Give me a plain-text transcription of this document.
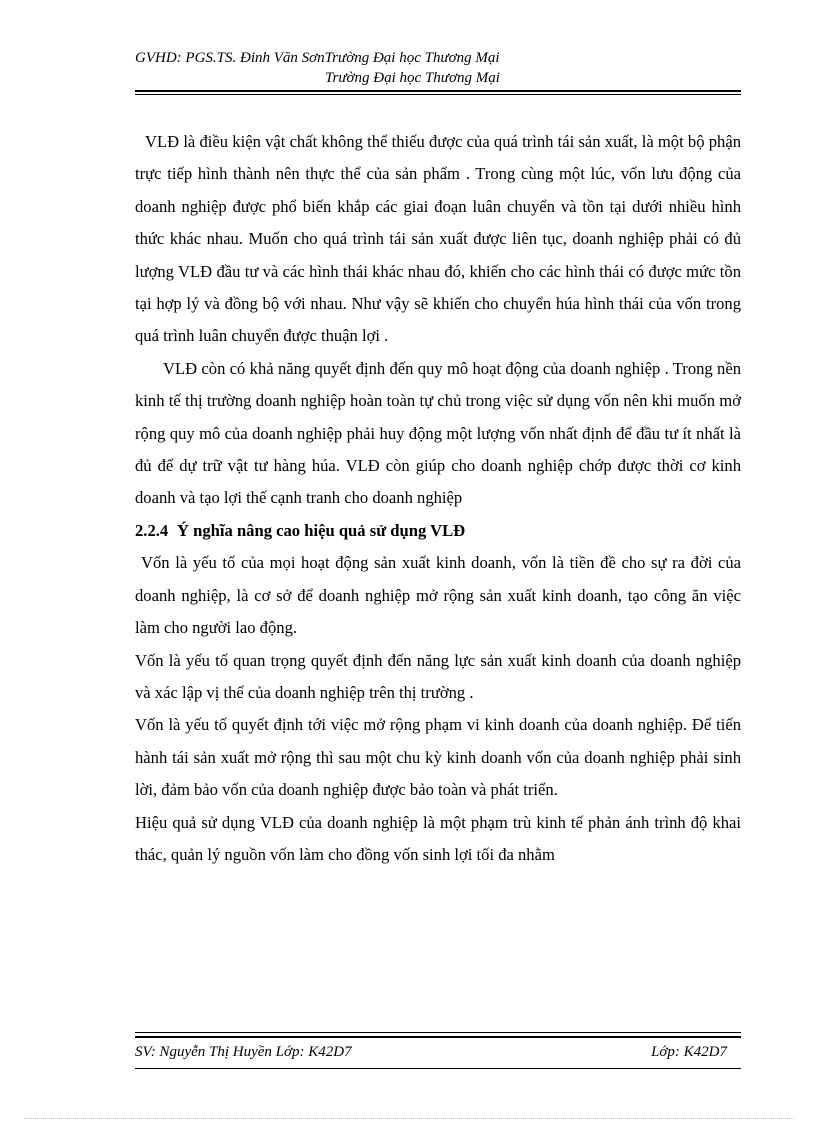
GVHD: PGS.TS. Đinh Văn SơnTrường Đại học Thương Mại
Trường Đại học Thương Mại

VLĐ là điều kiện vật chất không thể thiếu được của quá trình tái sản xuất, là một bộ phận trực tiếp hình thành nên thực thể của sản phẩm . Trong cùng một lúc, vốn lưu động của doanh nghiệp được phổ biến khắp các giai đoạn luân chuyển và tồn tại dưới nhiều hình thức khác nhau. Muốn cho quá trình tái sản xuất được liên tục, doanh nghiệp phải có đủ lượng VLĐ đầu tư và các hình thái khác nhau đó, khiến cho các hình thái có được mức tồn tại hợp lý và đồng bộ với nhau. Như vậy sẽ khiến cho chuyển húa hình thái của vốn trong quá trình luân chuyển được thuận lợi .

VLĐ còn có khả năng quyết định đến quy mô hoạt động của doanh nghiệp . Trong nền kinh tế thị trường doanh nghiệp hoàn toàn tự chủ trong việc sử dụng vốn nên khi muốn mở rộng quy mô của doanh nghiệp phải huy động một lượng vốn nhất định để đầu tư ít nhất là đủ để dự trữ vật tư hàng húa. VLĐ còn giúp cho doanh nghiệp chớp được thời cơ kinh doanh và tạo lợi thế cạnh tranh cho doanh nghiệp

2.2.4 Ý nghĩa nâng cao hiệu quả sử dụng VLĐ

Vốn là yếu tố của mọi hoạt động sản xuất kinh doanh, vốn là tiền đề cho sự ra đời của doanh nghiệp, là cơ sở để doanh nghiệp mở rộng sản xuất kinh doanh, tạo công ăn việc làm cho người lao động.

Vốn là yếu tố quan trọng quyết định đến năng lực sản xuất kinh doanh của doanh nghiệp và xác lập vị thế của doanh nghiệp trên thị trường .

Vốn là yếu tố quyết định tới việc mở rộng phạm vi kinh doanh của doanh nghiệp. Để tiến hành tái sản xuất mở rộng thì sau một chu kỳ kinh doanh vốn của doanh nghiệp phải sinh lời, đảm bảo vốn của doanh nghiệp được bảo toàn và phát triển.

Hiệu quả sử dụng VLĐ của doanh nghiệp là một phạm trù kinh tế phản ánh trình độ khai thác, quản lý nguồn vốn làm cho đồng vốn sinh lợi tối đa nhằm

SV: Nguyễn Thị Huyền Lớp: K42D7	Lớp: K42D7
